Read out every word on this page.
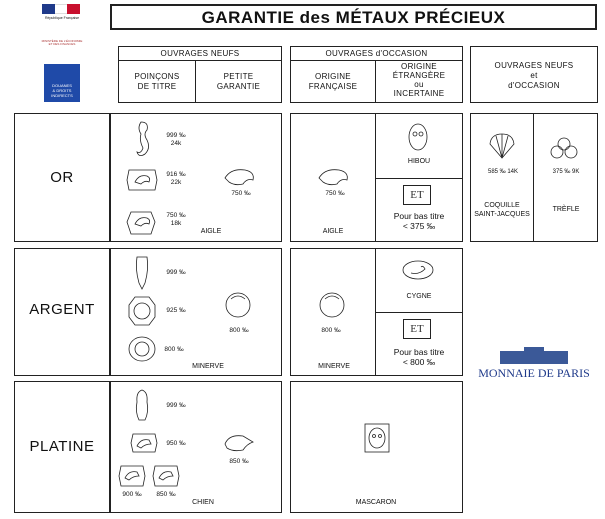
République Française
MINISTÈRE DE L'ÉCONOMIE ET DES FINANCES
DOUANES
& DROITS
INDIRECTS
GARANTIE des MÉTAUX PRÉCIEUX
OUVRAGES NEUFS
POINÇONS
DE TITRE
PETITE
GARANTIE
OUVRAGES d'OCCASION
ORIGINE
FRANÇAISE
ORIGINE
ÉTRANGÈRE
ou
INCERTAINE
OUVRAGES NEUFS
et
d'OCCASION
OR
999 ‰
24k
916 ‰
22k
750 ‰
18k
750 ‰
AIGLE
750 ‰
AIGLE
HIBOU
ET
Pour bas titre
< 375 ‰
585 ‰ 14K
COQUILLE
SAINT-JACQUES
375 ‰ 9K
TRÈFLE
ARGENT
999 ‰
925 ‰
800 ‰
800 ‰
MINERVE
800 ‰
MINERVE
CYGNE
ET
Pour bas titre
< 800 ‰
MONNAIE DE PARIS
PLATINE
999 ‰
950 ‰
900 ‰	850 ‰
850 ‰
CHIEN	MASCARON
